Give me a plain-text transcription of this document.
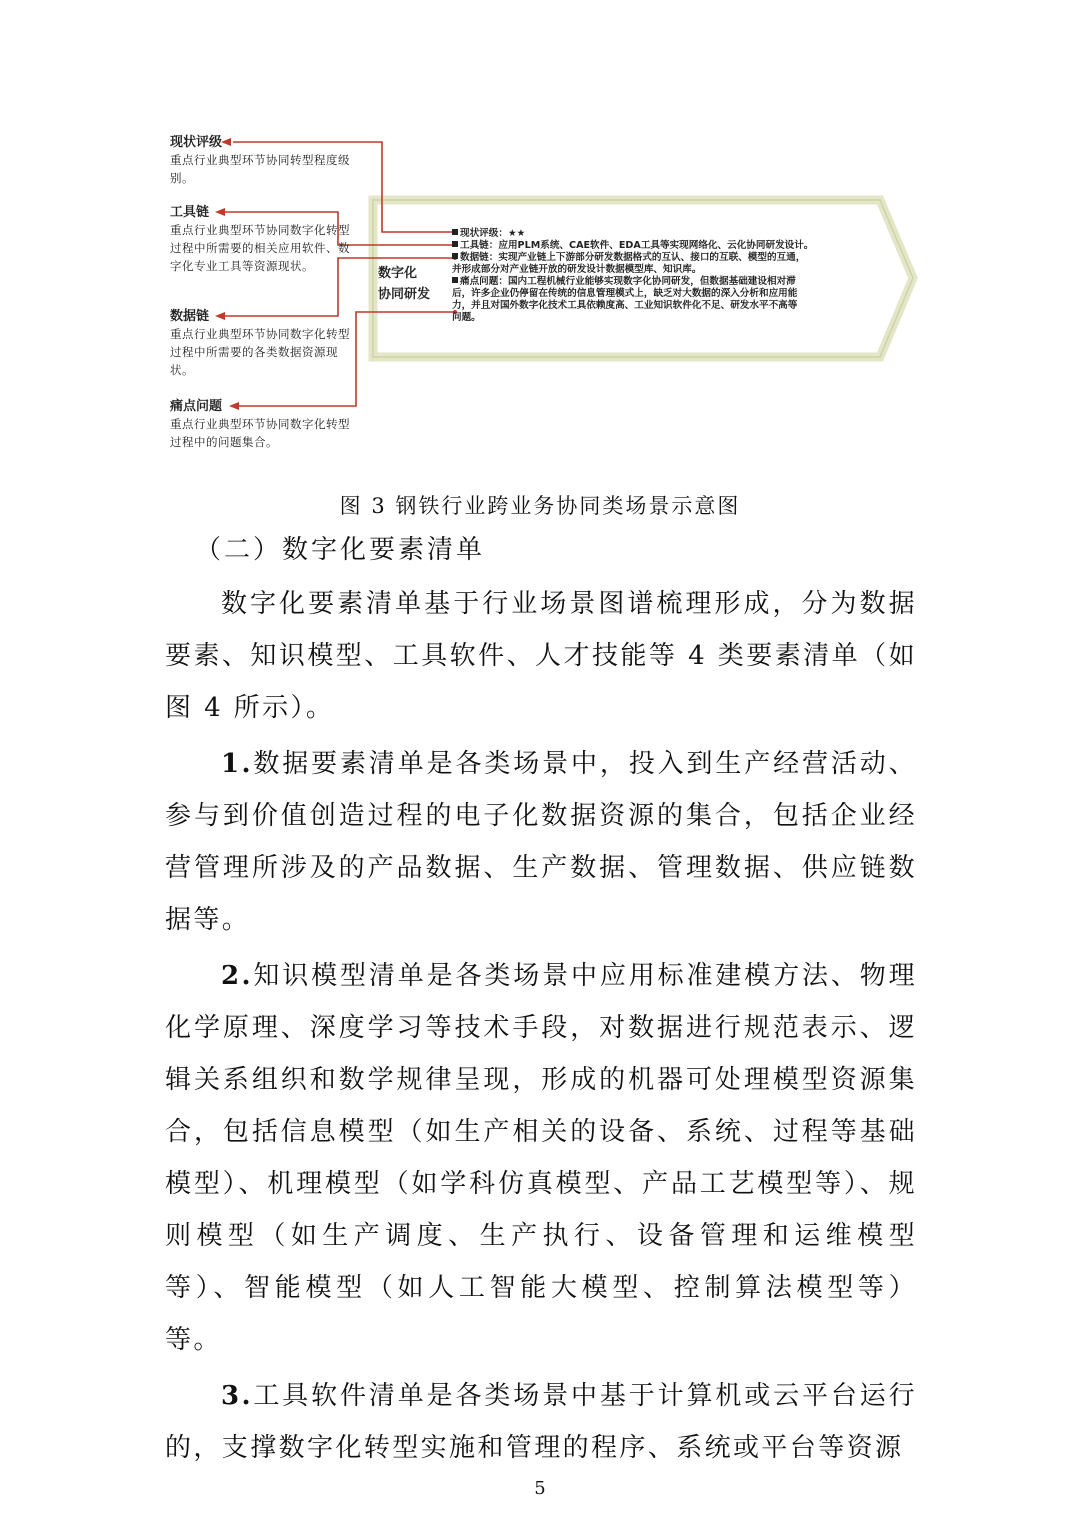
现状评级
重点行业典型环节协同转型程度级别。
工具链
重点行业典型环节协同数字化转型过程中所需要的相关应用软件、数字化专业工具等资源现状。
数据链
重点行业典型环节协同数字化转型过程中所需要的各类数据资源现状。
痛点问题
重点行业典型环节协同数字化转型过程中的问题集合。
数字化
协同研发
现状评级：★★
工具链：应用PLM系统、CAE软件、EDA工具等实现网络化、云化协同研发设计。
数据链：实现产业链上下游部分研发数据格式的互认、接口的互联、模型的互通，
并形成部分对产业链开放的研发设计数据模型库、知识库。
痛点问题：国内工程机械行业能够实现数字化协同研发，但数据基础建设相对滞
后，许多企业仍停留在传统的信息管理模式上，缺乏对大数据的深入分析和应用能
力，并且对国外数字化技术工具依赖度高、工业知识软件化不足、研发水平不高等
问题。
图 3 钢铁行业跨业务协同类场景示意图
（二）数字化要素清单

数字化要素清单基于行业场景图谱梳理形成，分为数据要素、知识模型、工具软件、人才技能等 4 类要素清单（如图 4 所示）。

1.数据要素清单是各类场景中，投入到生产经营活动、参与到价值创造过程的电子化数据资源的集合，包括企业经营管理所涉及的产品数据、生产数据、管理数据、供应链数据等。

2.知识模型清单是各类场景中应用标准建模方法、物理化学原理、深度学习等技术手段，对数据进行规范表示、逻辑关系组织和数学规律呈现，形成的机器可处理模型资源集合，包括信息模型（如生产相关的设备、系统、过程等基础模型）、机理模型（如学科仿真模型、产品工艺模型等）、规则模型（如生产调度、生产执行、设备管理和运维模型等）、智能模型（如人工智能大模型、控制算法模型等）等。

3.工具软件清单是各类场景中基于计算机或云平台运行的，支撑数字化转型实施和管理的程序、系统或平台等资源

5
